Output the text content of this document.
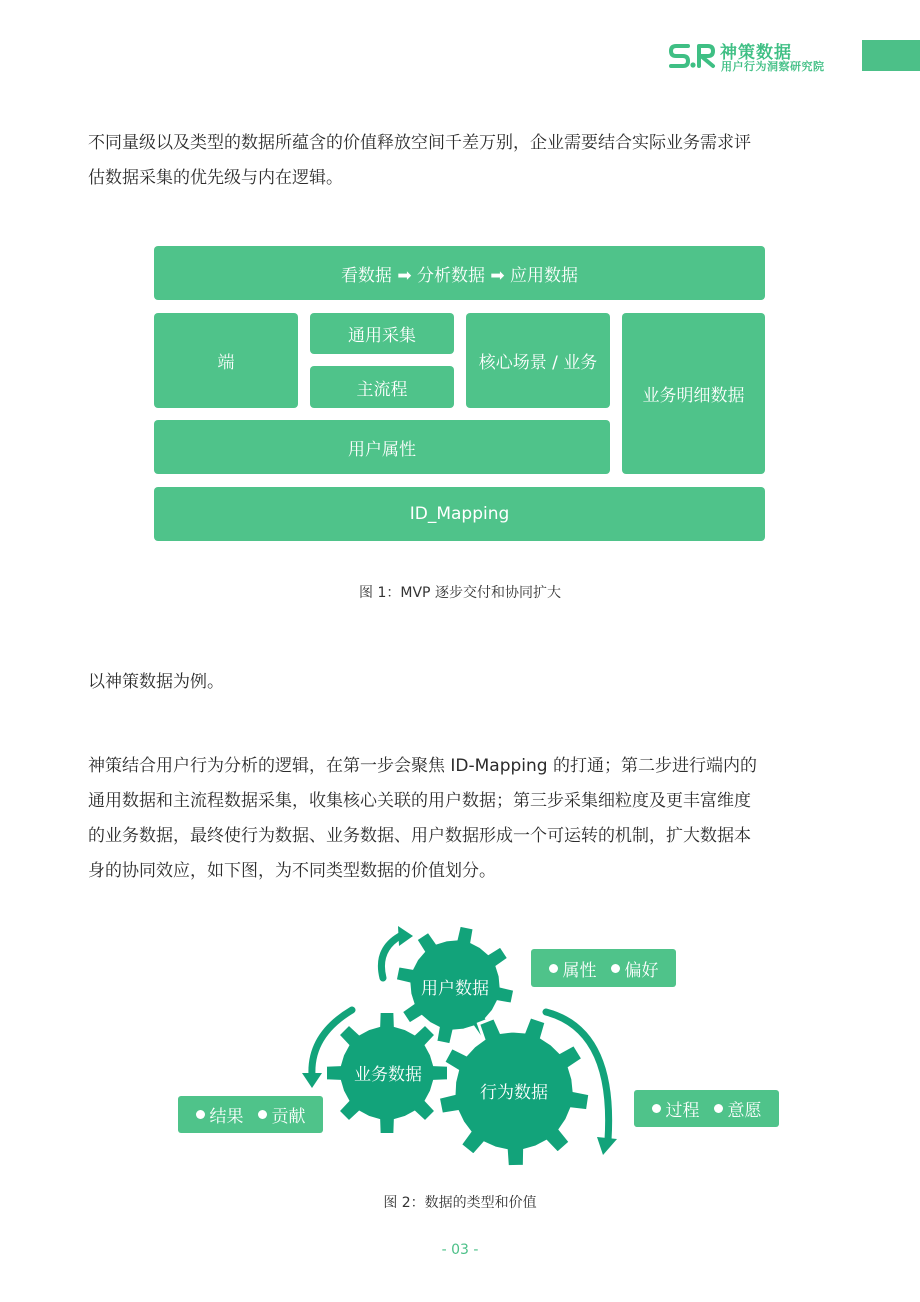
神策数据
用户行为洞察研究院
不同量级以及类型的数据所蕴含的价值释放空间千差万别，企业需要结合实际业务需求评
估数据采集的优先级与内在逻辑。
看数据 ➡ 分析数据 ➡ 应用数据
端
通用采集
主流程
核心场景 / 业务
业务明细数据
用户属性
ID_Mapping
图 1：MVP 逐步交付和协同扩大
以神策数据为例。
神策结合用户行为分析的逻辑，在第一步会聚焦 ID-Mapping 的打通；第二步进行端内的
通用数据和主流程数据采集，收集核心关联的用户数据；第三步采集细粒度及更丰富维度
的业务数据，最终使行为数据、业务数据、用户数据形成一个可运转的机制，扩大数据本
身的协同效应，如下图，为不同类型数据的价值划分。
用户数据
业务数据
行为数据
属性 偏好
结果 贡献	过程 意愿
图 2：数据的类型和价值
- 03 -
